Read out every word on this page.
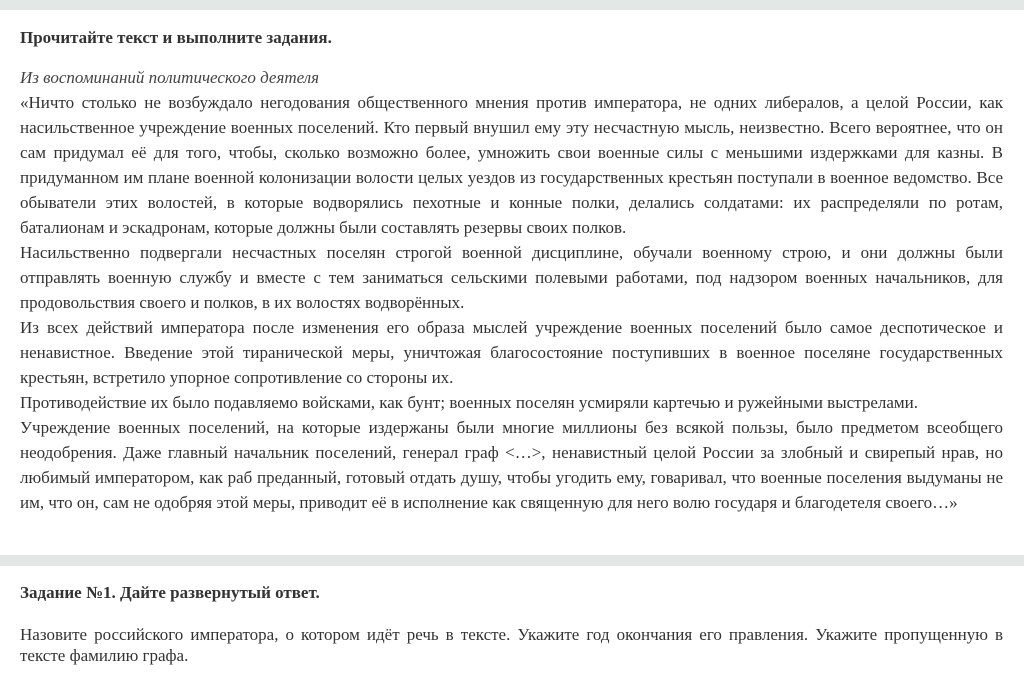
Прочитайте текст и выполните задания.
Из воспоминаний политического деятеля

«Ничто столько не возбуждало негодования общественного мнения против императора, не одних либералов, а целой России, как насильственное учреждение военных поселений. Кто первый внушил ему эту несчастную мысль, неизвестно. Всего вероятнее, что он сам придумал её для того, чтобы, сколько возможно более, умножить свои военные силы с меньшими издержками для казны. В придуманном им плане военной колонизации волости целых уездов из государственных крестьян поступали в военное ведомство. Все обыватели этих волостей, в которые водворялись пехотные и конные полки, делались солдатами: их распределяли по ротам, баталионам и эскадронам, которые должны были составлять резервы своих полков.

Насильственно подвергали несчастных поселян строгой военной дисциплине, обучали военному строю, и они должны были отправлять военную службу и вместе с тем заниматься сельскими полевыми работами, под надзором военных начальников, для продовольствия своего и полков, в их волостях водворённых.

Из всех действий императора после изменения его образа мыслей учреждение военных поселений было самое деспотическое и ненавистное. Введение этой тиранической меры, уничтожая благосостояние поступивших в военное поселяне государственных крестьян, встретило упорное сопротивление со стороны их.

Противодействие их было подавляемо войсками, как бунт; военных поселян усмиряли картечью и ружейными выстрелами.

Учреждение военных поселений, на которые издержаны были многие миллионы без всякой пользы, было предметом всеобщего неодобрения. Даже главный начальник поселений, генерал граф <…>, ненавистный целой России за злобный и свирепый нрав, но любимый императором, как раб преданный, готовый отдать душу, чтобы угодить ему, говаривал, что военные поселения выдуманы не им, что он, сам не одобряя этой меры, приводит её в исполнение как священную для него волю государя и благодетеля своего…»

Задание №1. Дайте развернутый ответ.

Назовите российского императора, о котором идёт речь в тексте. Укажите год окончания его правления. Укажите пропущенную в тексте фамилию графа.
